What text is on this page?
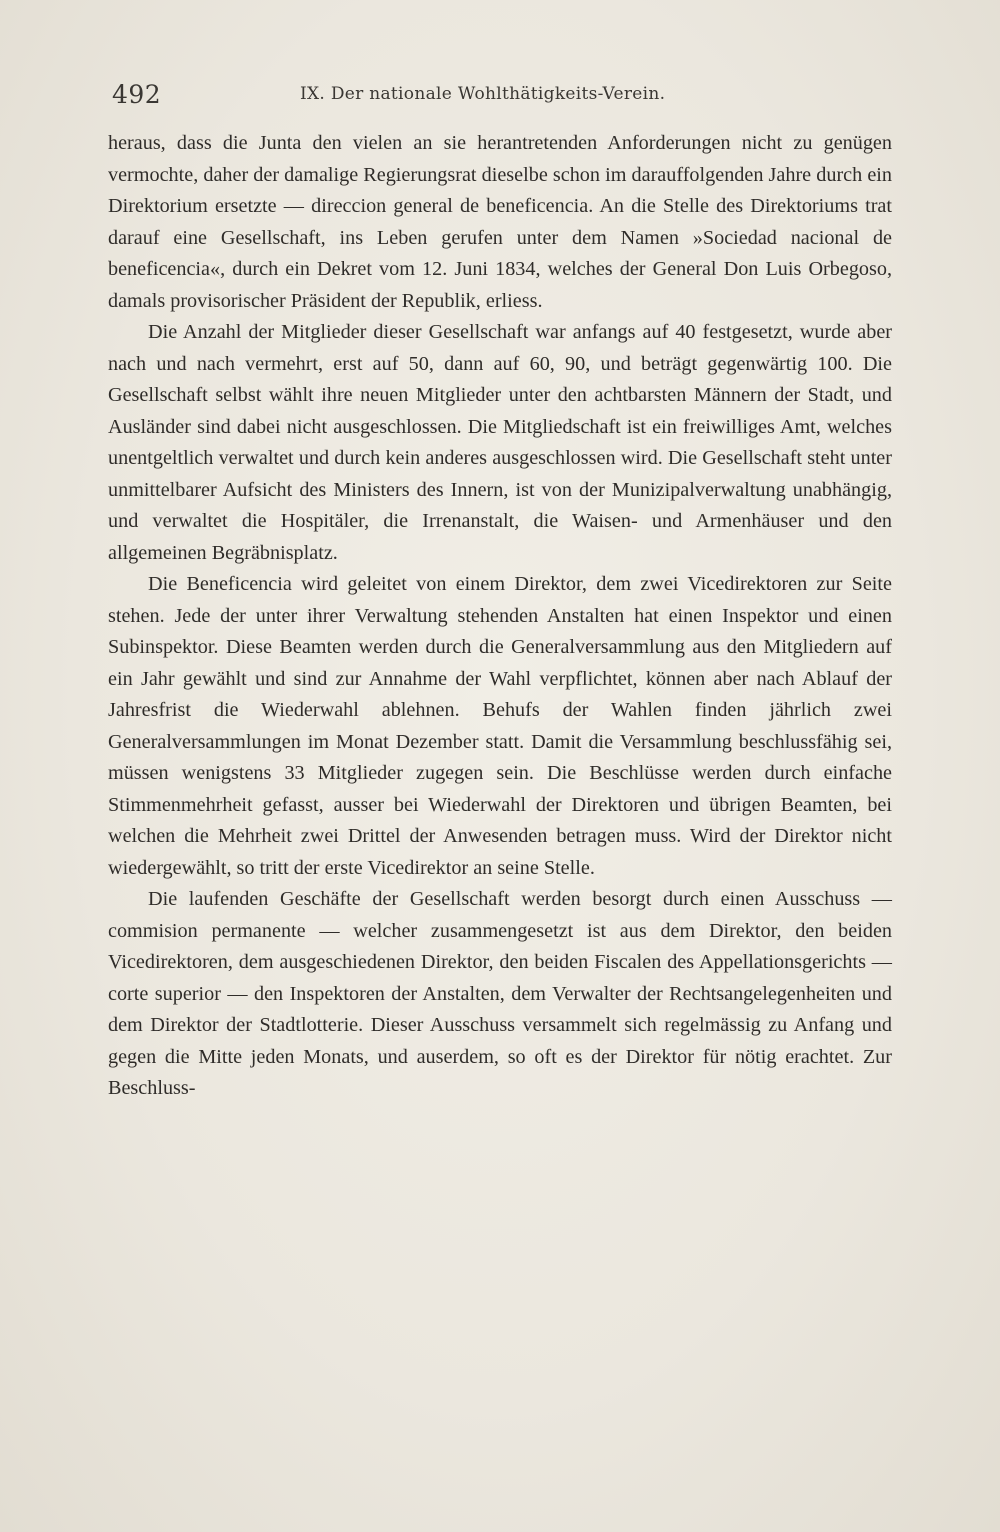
492	IX. Der nationale Wohlthätigkeits-Verein.

heraus, dass die Junta den vielen an sie herantretenden Anforderungen nicht zu genügen vermochte, daher der damalige Regierungsrat dieselbe schon im darauffolgenden Jahre durch ein Direktorium ersetzte — direccion general de beneficencia. An die Stelle des Direktoriums trat darauf eine Gesellschaft, ins Leben gerufen unter dem Namen »Sociedad nacional de beneficencia«, durch ein Dekret vom 12. Juni 1834, welches der General Don Luis Orbegoso, damals provisorischer Präsident der Republik, erliess.

Die Anzahl der Mitglieder dieser Gesellschaft war anfangs auf 40 festgesetzt, wurde aber nach und nach vermehrt, erst auf 50, dann auf 60, 90, und beträgt gegenwärtig 100. Die Gesellschaft selbst wählt ihre neuen Mitglieder unter den achtbarsten Männern der Stadt, und Ausländer sind dabei nicht ausgeschlossen. Die Mitgliedschaft ist ein freiwilliges Amt, welches unentgeltlich verwaltet und durch kein anderes ausgeschlossen wird. Die Gesellschaft steht unter unmittelbarer Aufsicht des Ministers des Innern, ist von der Munizipalverwaltung unabhängig, und verwaltet die Hospitäler, die Irrenanstalt, die Waisen- und Armenhäuser und den allgemeinen Begräbnisplatz.

Die Beneficencia wird geleitet von einem Direktor, dem zwei Vicedirektoren zur Seite stehen. Jede der unter ihrer Verwaltung stehenden Anstalten hat einen Inspektor und einen Subinspektor. Diese Beamten werden durch die Generalversammlung aus den Mitgliedern auf ein Jahr gewählt und sind zur Annahme der Wahl verpflichtet, können aber nach Ablauf der Jahresfrist die Wiederwahl ablehnen. Behufs der Wahlen finden jährlich zwei Generalversammlungen im Monat Dezember statt. Damit die Versammlung beschlussfähig sei, müssen wenigstens 33 Mitglieder zugegen sein. Die Beschlüsse werden durch einfache Stimmenmehrheit gefasst, ausser bei Wiederwahl der Direktoren und übrigen Beamten, bei welchen die Mehrheit zwei Drittel der Anwesenden betragen muss. Wird der Direktor nicht wiedergewählt, so tritt der erste Vicedirektor an seine Stelle.

Die laufenden Geschäfte der Gesellschaft werden besorgt durch einen Ausschuss — commision permanente — welcher zusammengesetzt ist aus dem Direktor, den beiden Vicedirektoren, dem ausgeschiedenen Direktor, den beiden Fiscalen des Appellationsgerichts — corte superior — den Inspektoren der Anstalten, dem Verwalter der Rechtsangelegenheiten und dem Direktor der Stadtlotterie. Dieser Ausschuss versammelt sich regelmässig zu Anfang und gegen die Mitte jeden Monats, und auserdem, so oft es der Direktor für nötig erachtet. Zur Beschluss-
